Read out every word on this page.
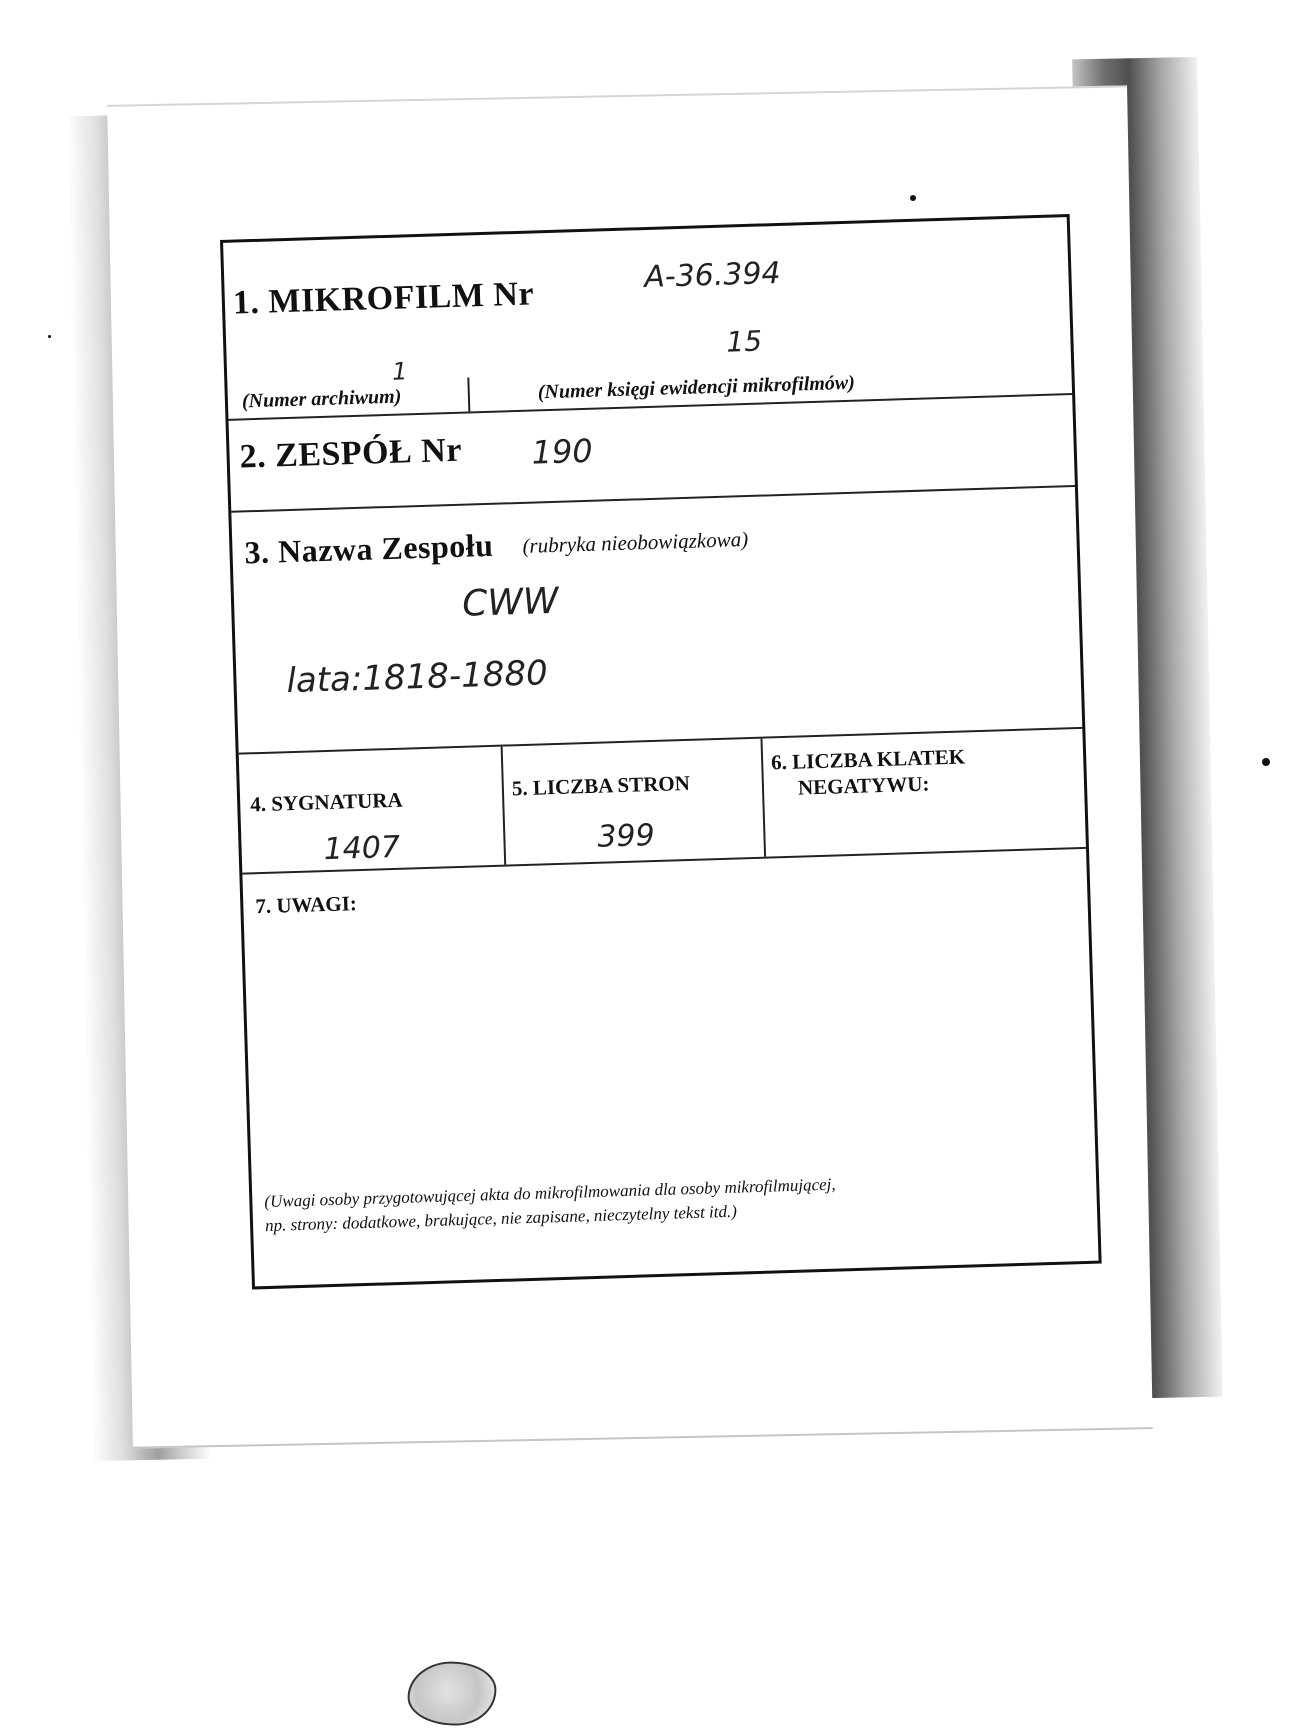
1. MIKROFILM Nr	A-36.394
1
15
(Numer archiwum)	(Numer księgi ewidencji mikrofilmów)
2. ZESPÓŁ Nr 190
3. Nazwa Zespołu (rubryka nieobowiązkowa)
CWW
lata:1818-1880
4. SYGNATURA
1407
5. LICZBA STRON
399
6. LICZBA KLATEK
NEGATYWU:
7. UWAGI:
(Uwagi osoby przygotowującej akta do mikrofilmowania dla osoby mikrofilmującej,
np. strony: dodatkowe, brakujące, nie zapisane, nieczytelny tekst itd.)
